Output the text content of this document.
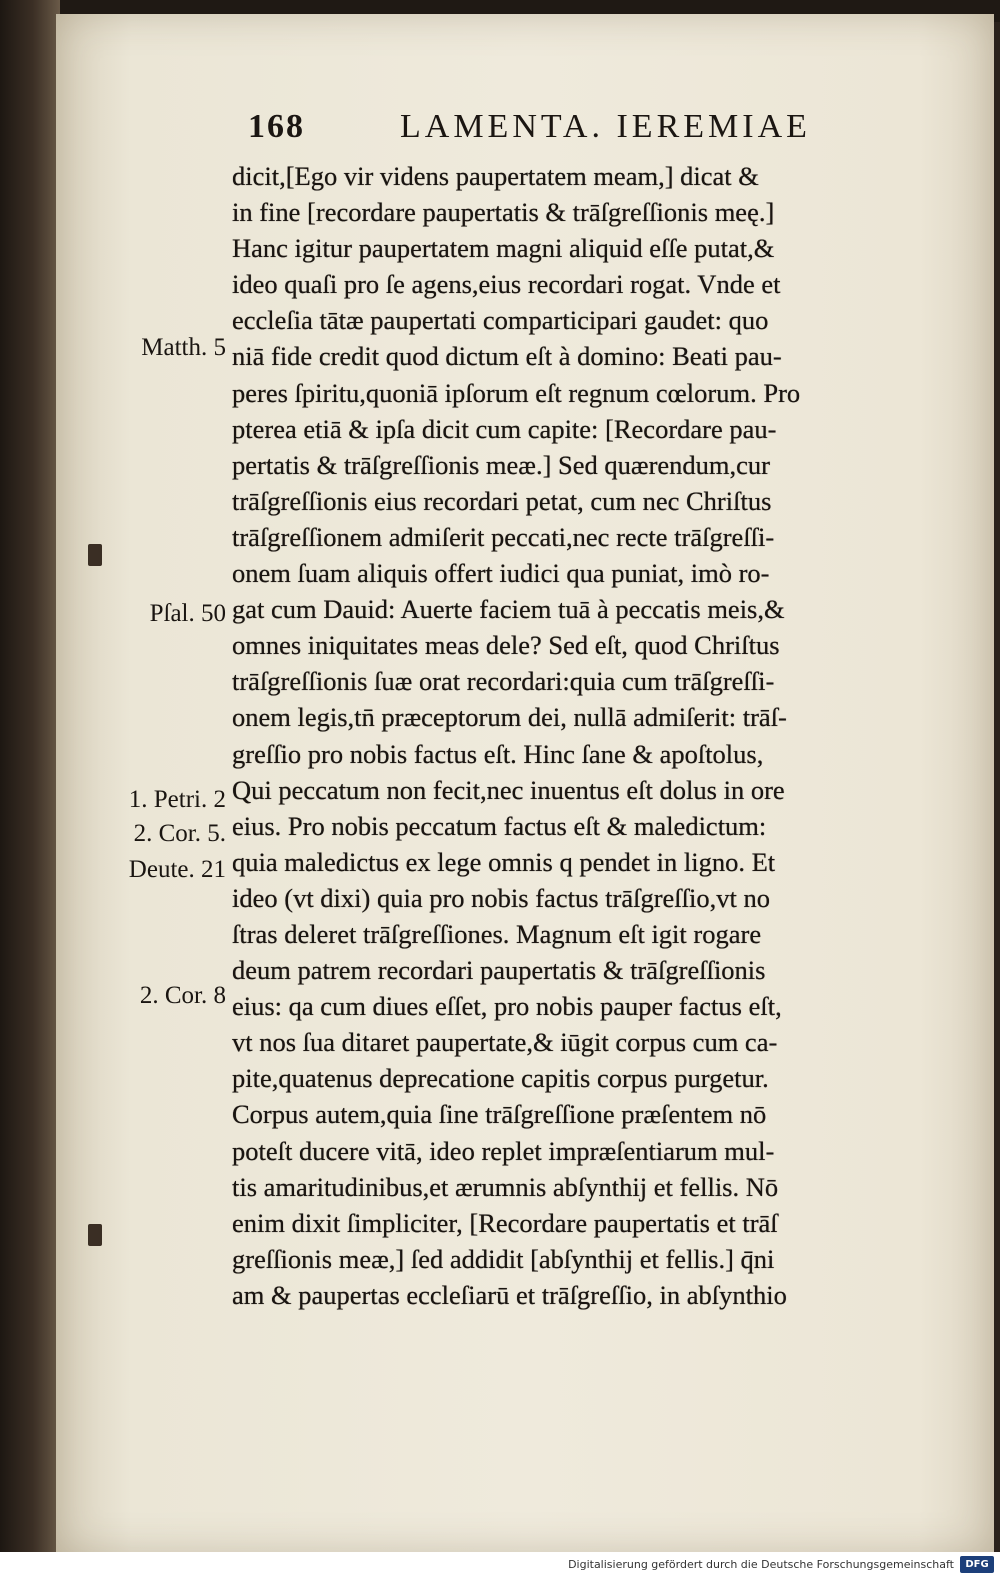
168	LAMENTA. IEREMIAE
dicit,[Ego vir videns paupertatem meam,] dicat &
in fine [recordare paupertatis & trāſgreſſionis meę.]
Hanc igitur paupertatem magni aliquid eſſe putat,&
ideo quaſi pro ſe agens,eius recordari rogat. Vnde et
eccleſia tātæ paupertati comparticipari gaudet: quo
niā fide credit quod dictum eſt à domino: Beati pau-
peres ſpiritu,quoniā ipſorum eſt regnum cœlorum. Pro
pterea etiā & ipſa dicit cum capite: [Recordare pau-
pertatis & trāſgreſſionis meæ.] Sed quærendum,cur
trāſgreſſionis eius recordari petat, cum nec Chriſtus
trāſgreſſionem admiſerit peccati,nec recte trāſgreſſi-
onem ſuam aliquis offert iudici qua puniat, imò ro-
gat cum Dauid: Auerte faciem tuā à peccatis meis,&
omnes iniquitates meas dele? Sed eſt, quod Chriſtus
trāſgreſſionis ſuæ orat recordari:quia cum trāſgreſſi-
onem legis,tn̄ præceptorum dei, nullā admiſerit: trāſ-
greſſio pro nobis factus eſt. Hinc ſane & apoſtolus,
Qui peccatum non fecit,nec inuentus eſt dolus in ore
eius. Pro nobis peccatum factus eſt & maledictum:
quia maledictus ex lege omnis q pendet in ligno. Et
ideo (vt dixi) quia pro nobis factus trāſgreſſio,vt no
ſtras deleret trāſgreſſiones. Magnum eſt igit rogare
deum patrem recordari paupertatis & trāſgreſſionis
eius: qa cum diues eſſet, pro nobis pauper factus eſt,
vt nos ſua ditaret paupertate,& iūgit corpus cum ca-
pite,quatenus deprecatione capitis corpus purgetur.
Corpus autem,quia ſine trāſgreſſione præſentem nō
poteſt ducere vitā, ideo replet impræſentiarum mul-
tis amaritudinibus,et ærumnis abſynthij et fellis. Nō
enim dixit ſimpliciter, [Recordare paupertatis et trāſ
greſſionis meæ,] ſed addidit [abſynthij et fellis.] q̄ni
am & paupertas eccleſiarū et trāſgreſſio, in abſynthio
Matth. 5
Pſal. 50
1. Petri. 2
2. Cor. 5.
Deute. 21
2. Cor. 8
Digitalisierung gefördert durch die Deutsche Forschungsgemeinschaft	DFG
